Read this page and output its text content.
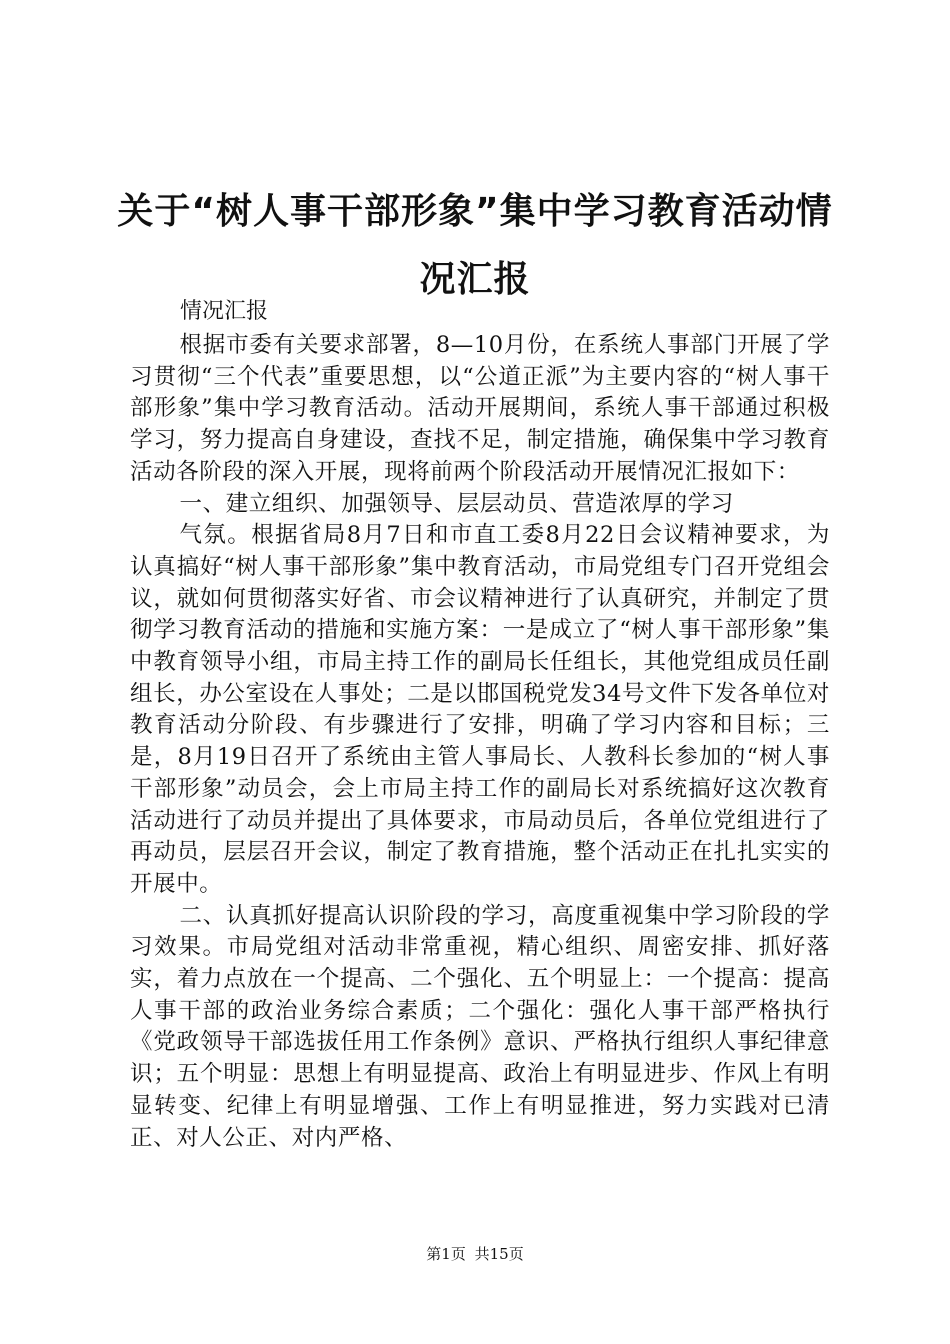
关于“树人事干部形象”集中学习教育活动情况汇报

情况汇报

根据市委有关要求部署，8—10月份，在系统人事部门开展了学习贯彻“三个代表”重要思想，以“公道正派”为主要内容的“树人事干部形象”集中学习教育活动。活动开展期间，系统人事干部通过积极学习，努力提高自身建设，查找不足，制定措施，确保集中学习教育活动各阶段的深入开展，现将前两个阶段活动开展情况汇报如下：

一、建立组织、加强领导、层层动员、营造浓厚的学习

气氛。根据省局8月7日和市直工委8月22日会议精神要求，为认真搞好“树人事干部形象”集中教育活动，市局党组专门召开党组会议，就如何贯彻落实好省、市会议精神进行了认真研究，并制定了贯彻学习教育活动的措施和实施方案：一是成立了“树人事干部形象”集中教育领导小组，市局主持工作的副局长任组长，其他党组成员任副组长，办公室设在人事处；二是以邯国税党发34号文件下发各单位对教育活动分阶段、有步骤进行了安排，明确了学习内容和目标；三是，8月19日召开了系统由主管人事局长、人教科长参加的“树人事干部形象”动员会，会上市局主持工作的副局长对系统搞好这次教育活动进行了动员并提出了具体要求，市局动员后，各单位党组进行了再动员，层层召开会议，制定了教育措施，整个活动正在扎扎实实的开展中。

二、认真抓好提高认识阶段的学习，高度重视集中学习阶段的学习效果。市局党组对活动非常重视，精心组织、周密安排、抓好落实，着力点放在一个提高、二个强化、五个明显上：一个提高：提高人事干部的政治业务综合素质；二个强化：强化人事干部严格执行《党政领导干部选拔任用工作条例》意识、严格执行组织人事纪律意识；五个明显：思想上有明显提高、政治上有明显进步、作风上有明显转变、纪律上有明显增强、工作上有明显推进，努力实践对已清正、对人公正、对内严格、

第1页 共15页
